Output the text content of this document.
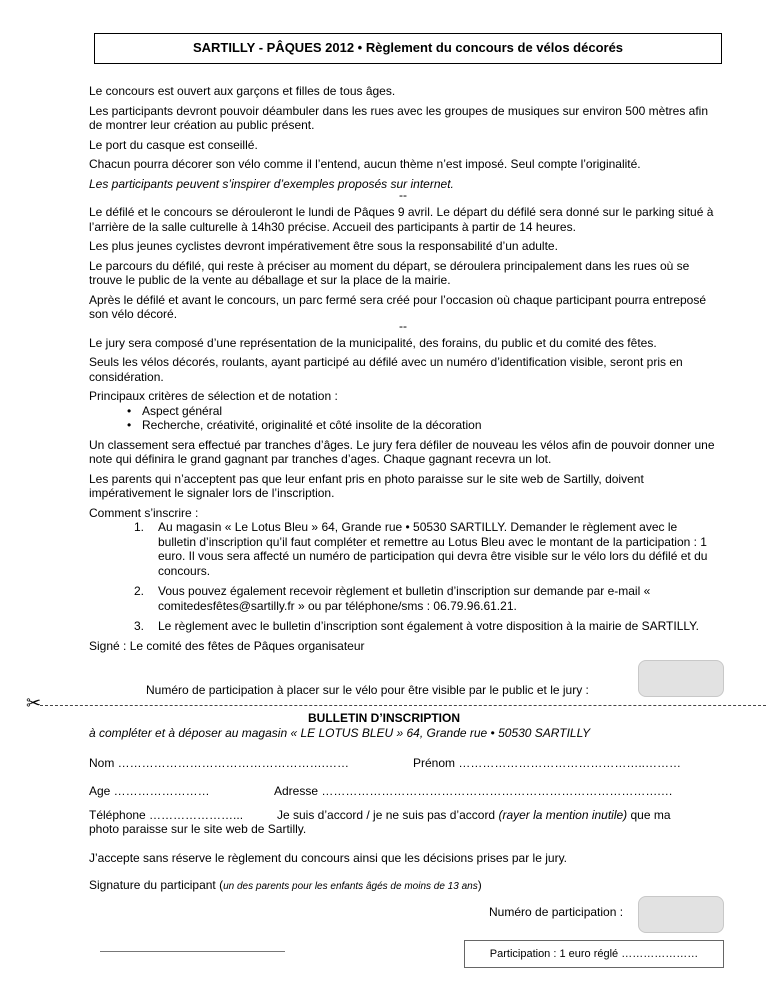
SARTILLY - PÂQUES 2012 • Règlement du concours de vélos décorés

Le concours est ouvert aux garçons et filles de tous âges.

Les participants devront pouvoir déambuler dans les rues avec les groupes de musiques sur environ 500 mètres afin de montrer leur création au public présent.

Le port du casque est conseillé.

Chacun pourra décorer son vélo comme il l’entend, aucun thème n’est imposé. Seul compte l’originalité.

Les participants peuvent s’inspirer d’exemples proposés sur internet.

--

Le défilé et le concours se dérouleront le lundi de Pâques 9 avril. Le départ du défilé sera donné sur le parking situé à l’arrière de la salle culturelle à 14h30 précise. Accueil des participants à partir de 14 heures.

Les plus jeunes cyclistes devront impérativement être sous la responsabilité d’un adulte.

Le parcours du défilé, qui reste à préciser au moment du départ, se déroulera principalement dans les rues où se trouve le public de la vente au déballage et sur la place de la mairie.

Après le défilé et avant le concours, un parc fermé sera créé pour l’occasion où chaque participant pourra entreposé son vélo décoré.

--

Le jury sera composé d’une représentation de la municipalité, des forains, du public et du comité des fêtes.

Seuls les vélos décorés, roulants, ayant participé au défilé avec un numéro d’identification visible, seront pris en considération.

Principaux critères de sélection et de notation :

• Aspect général
• Recherche, créativité, originalité et côté insolite de la décoration

Un classement sera effectué par tranches d’âges. Le jury fera défiler de nouveau les vélos afin de pouvoir donner une note qui définira le grand gagnant par tranches d’ages. Chaque gagnant recevra un lot.

Les parents qui n’acceptent pas que leur enfant pris en photo paraisse sur le site web de Sartilly, doivent impérativement le signaler lors de l’inscription.

Comment s’inscrire :

1. Au magasin « Le Lotus Bleu » 64, Grande rue • 50530 SARTILLY. Demander le règlement avec le bulletin d’inscription qu’il faut compléter et remettre au Lotus Bleu avec le montant de la participation : 1 euro. Il vous sera affecté un numéro de participation qui devra être visible sur le vélo lors du défilé et du concours.
2. Vous pouvez également recevoir règlement et bulletin d’inscription sur demande par e-mail « comitedesfêtes@sartilly.fr » ou par téléphone/sms : 06.79.96.61.21.
3. Le règlement avec le bulletin d’inscription sont également à votre disposition à la mairie de SARTILLY.

Signé : Le comité des fêtes de Pâques organisateur

Numéro de participation à placer sur le vélo pour être visible par le public et le jury :
✂
BULLETIN D’INSCRIPTION
à compléter et à déposer au magasin « LE LOTUS BLEU » 64, Grande rue • 50530 SARTILLY
Nom …………………………………………….……	Prénom ………………………………………..………
Age ……………………	Adresse ………………………………………………………………………….…
Téléphone …………………...	Je suis d’accord / je ne suis pas d’accord (rayer la mention inutile) que ma
photo paraisse sur le site web de Sartilly.
J’accepte sans réserve le règlement du concours ainsi que les décisions prises par le jury.
Signature du participant (un des parents pour les enfants âgés de moins de 13 ans)
Numéro de participation :
Participation : 1 euro réglé …………………
